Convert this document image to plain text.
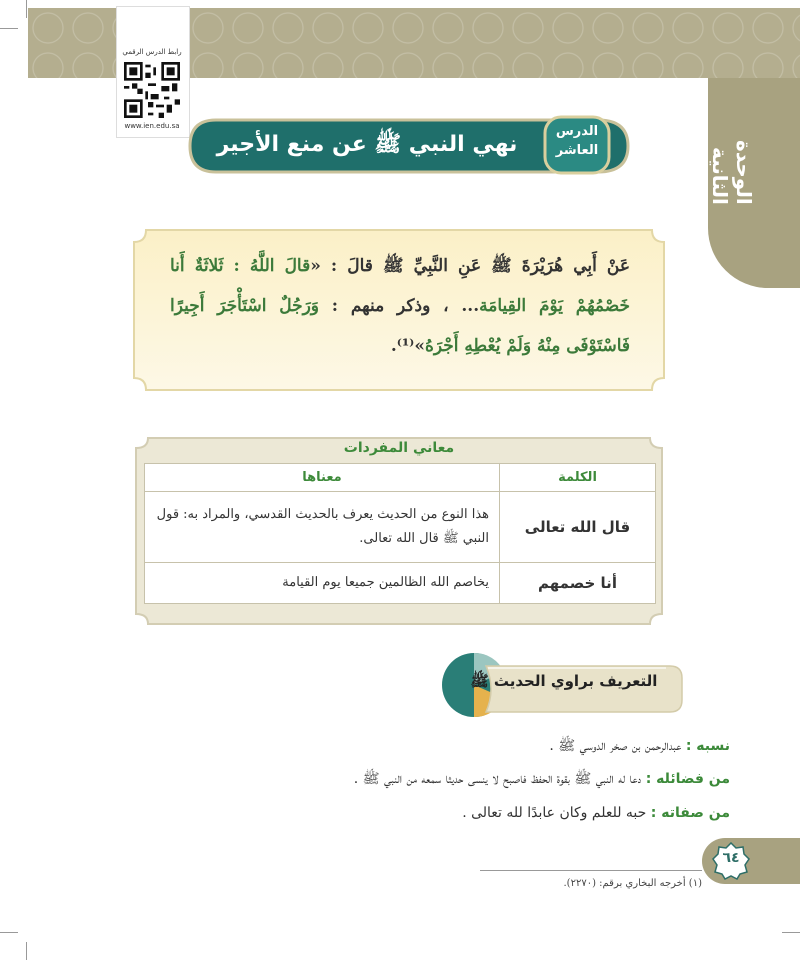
الوحدة الثانية
رابط الدرس الرقمي
www.ien.edu.sa
نهي النبي ﷺ عن منع الأجير أجرته
الدرس
العاشر
عَنْ أَبِي هُرَيْرَةَ ﷺ عَنِ النَّبِيِّ ﷺ قالَ : «قالَ اللَّهُ : ثَلاثَةٌ أَنا خَصْمُهُمْ يَوْمَ القِيامَة... ، وذكر منهم : وَرَجُلٌ اسْتَأْجَرَ أَجِيرًا فَاسْتَوْفَى مِنْهُ وَلَمْ يُعْطِهِ أَجْرَهُ»⁽¹⁾.
معاني المفردات
الكلمة	معناها
قال الله تعالى	هذا النوع من الحديث يعرف بالحديث القدسي، والمراد به: قول النبي ﷺ قال الله تعالى.
أنا خصمهم	يخاصم الله الظالمين جميعا يوم القيامة
التعريف براوي الحديث ﷺ
نسبه : عبدالرحمن بن صخر الدوسي ﷺ .
من فضائله : دعا له النبي ﷺ بقوة الحفظ فاصبح لا ينسى حديثا سمعه من النبي ﷺ .
من صفاته : حبه للعلم وكان عابدًا لله تعالى .
٦٤
(١) أخرجه البخاري برقم: (٢٢٧٠).
